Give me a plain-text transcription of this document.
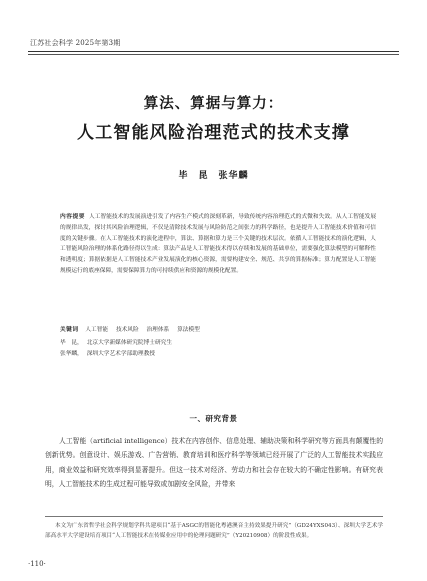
江苏社会科学 2025年第3期
算法、算据与算力：
人工智能风险治理范式的技术支撑
毕　昆　张华麟
内容提要 人工智能技术的发展演进引发了内容生产模式的深刻革新，导致传统内容治理范式的式微和失效。从人工智能发展的规律出发，探讨其风险治理逻辑，不仅是清除技术发展与风险防范之间张力的科学路径，也是提升人工智能技术价值和可信度的关键步骤。在人工智能技术的演化进程中，算法、算据和算力是三个关键的技术层次。依循人工智能技术的演化逻辑，人工智能风险治理的体系化路径得以生成：算法产品是人工智能技术得以存续和发展的基础单位，需要强化算法模型的可解释性和透明度；算据依据是人工智能技术产业发展演化的核心资源，需要构建安全、规范、共享的算据标准；算力配置是人工智能规模运行的底座保障，需要保障算力的可持续供应和资源的规模化配置。
关键词 人工智能 技术风险 治理体系 算法模型
毕　昆， 北京大学新媒体研究院博士研究生
张华麟， 深圳大学艺术学部助理教授
一、研究背景
人工智能（artificial intelligence）技术在内容创作、信息处理、辅助决策和科学研究等方面具有颠覆性的创新优势。创意设计、娱乐游戏、广告营销、教育培训和医疗科学等领域已经开展了广泛的人工智能技术实践应用，商业效益和研究效率得到显著提升。但这一技术对经济、劳动力和社会存在较大的不确定性影响。有研究表明，人工智能技术的生成过程可能导致或加剧安全风险，并带来
本文为广东省哲学社会科学规划学科共建项目“基于ASGC的智能化粤港澳音主持效果提升研究”（GD24YXS043）、深圳大学艺术学部高水平大学建设培育项目“人工智能技术在传媒业应用中的伦理问题研究”（Y20210908）的阶段性成果。
·110·
